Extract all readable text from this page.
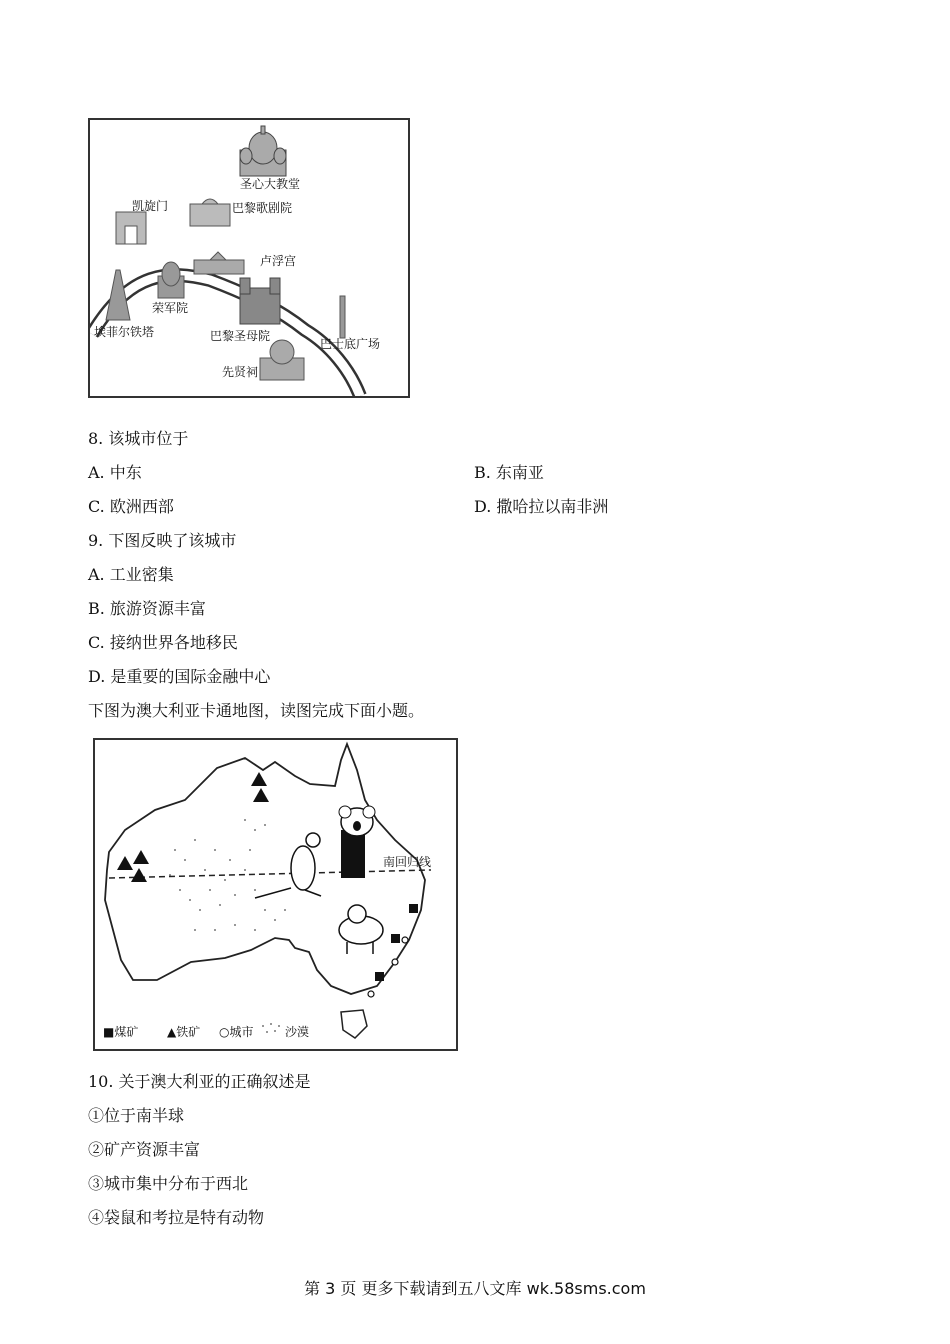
圣心大教堂
凯旋门	巴黎歌剧院
卢浮宫
埃菲尔铁塔
荣军院
巴黎圣母院
巴士底广场
先贤祠
8. 该城市位于
A. 中东	B. 东南亚
C. 欧洲西部	D. 撒哈拉以南非洲
9. 下图反映了该城市
A. 工业密集
B. 旅游资源丰富
C. 接纳世界各地移民
D. 是重要的国际金融中心
下图为澳大利亚卡通地图，读图完成下面小题。
南回归线
■煤矿 ▲铁矿 ○城市	沙漠
10. 关于澳大利亚的正确叙述是
①位于南半球
②矿产资源丰富
③城市集中分布于西北
④袋鼠和考拉是特有动物
第 3 页 更多下载请到五八文库 wk.58sms.com
